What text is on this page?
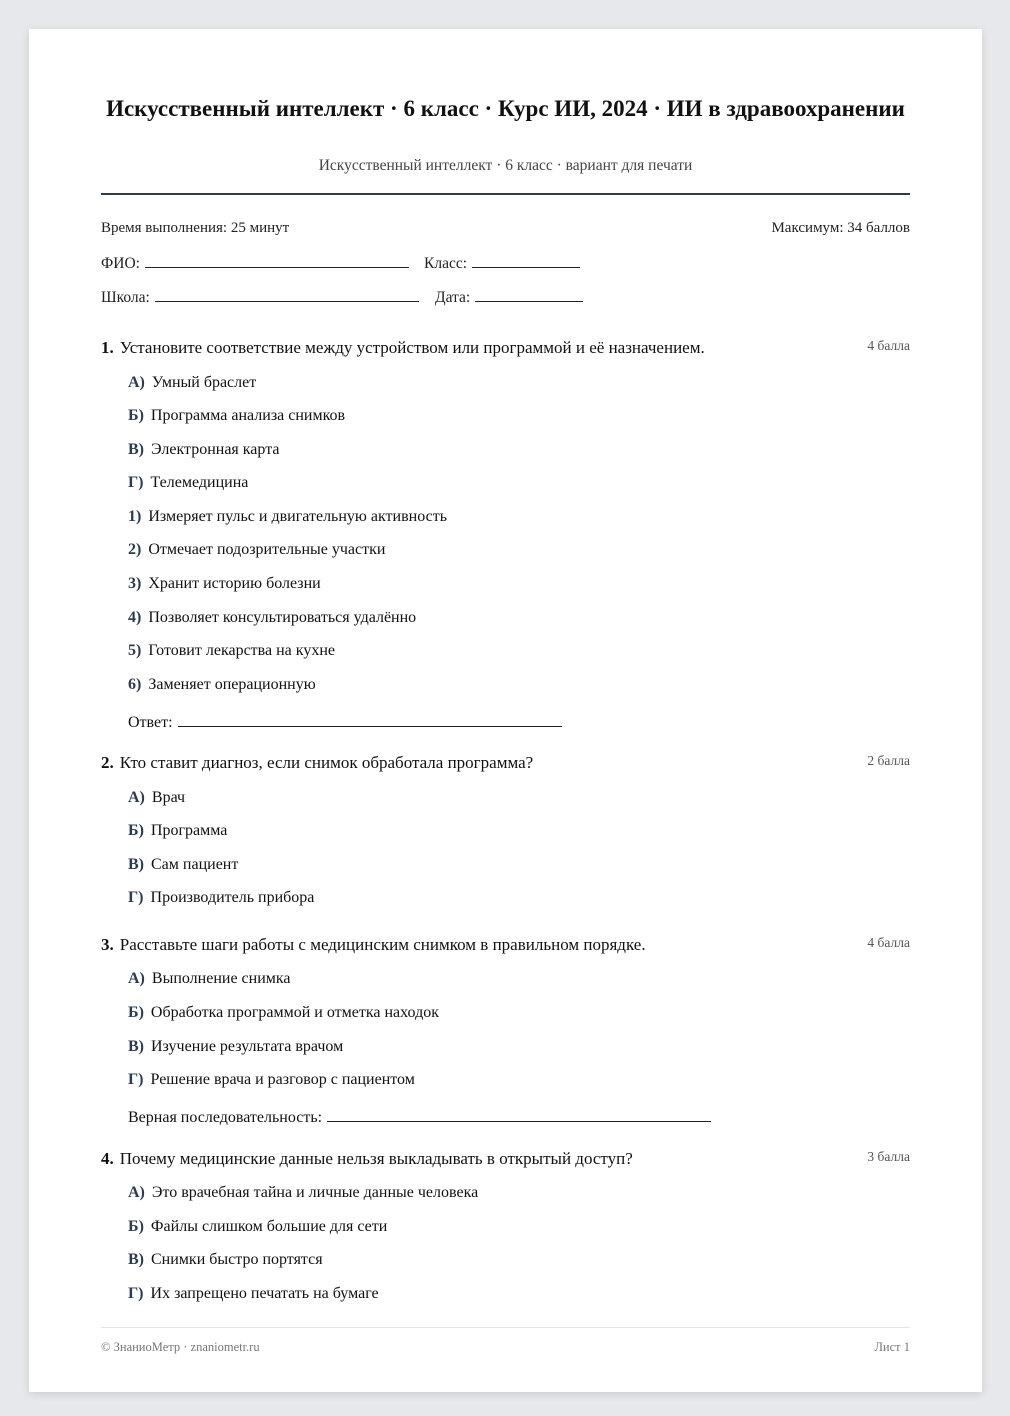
Искусственный интеллект · 6 класс · Курс ИИ, 2024 · ИИ в здравоохранении
Искусственный интеллект · 6 класс · вариант для печати
Время выполнения: 25 минут	Максимум: 34 баллов
ФИО:	Класс:
Школа:	Дата:
1. Установите соответствие между устройством или программой и её назначением.	4 балла
А) Умный браслет
Б) Программа анализа снимков
В) Электронная карта
Г) Телемедицина
1) Измеряет пульс и двигательную активность
2) Отмечает подозрительные участки
3) Хранит историю болезни
4) Позволяет консультироваться удалённо
5) Готовит лекарства на кухне
6) Заменяет операционную
Ответ:
2. Кто ставит диагноз, если снимок обработала программа?	2 балла
А) Врач
Б) Программа
В) Сам пациент
Г) Производитель прибора
3. Расставьте шаги работы с медицинским снимком в правильном порядке.	4 балла
А) Выполнение снимка
Б) Обработка программой и отметка находок
В) Изучение результата врачом
Г) Решение врача и разговор с пациентом
Верная последовательность:
4. Почему медицинские данные нельзя выкладывать в открытый доступ?	3 балла
А) Это врачебная тайна и личные данные человека
Б) Файлы слишком большие для сети
В) Снимки быстро портятся
Г) Их запрещено печатать на бумаге
© ЗнаниоМетр · znaniometr.ru	Лист 1
